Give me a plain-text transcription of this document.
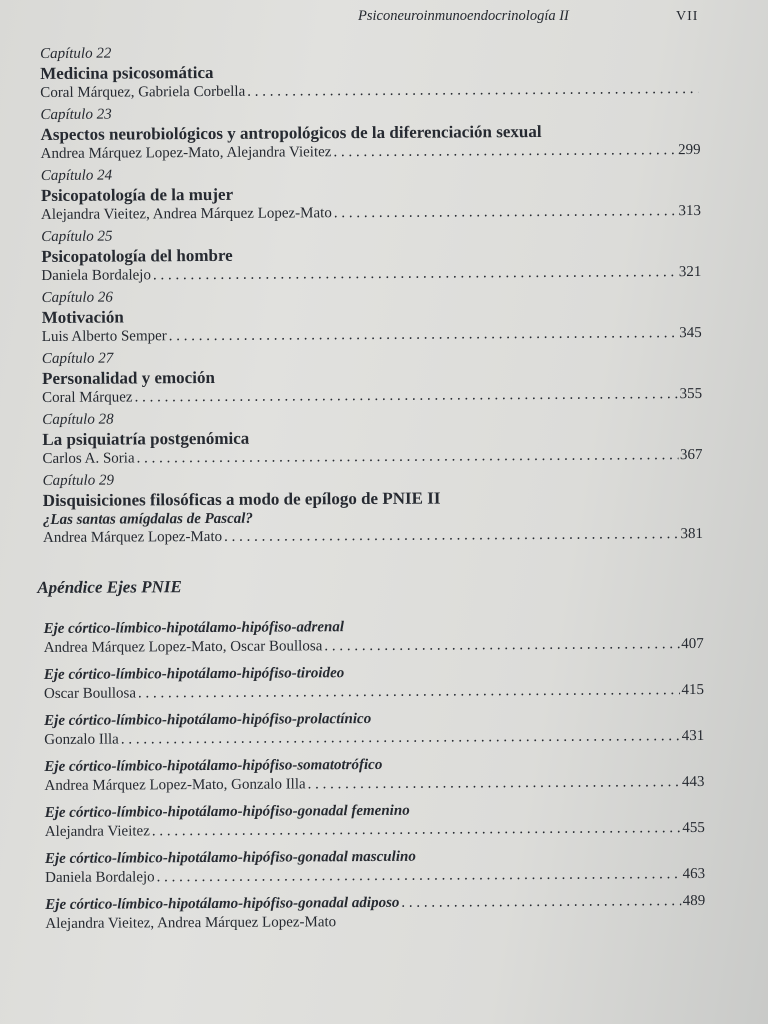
Psiconeuroinmunoendocrinología II	VII
Capítulo 22
Medicina psicosomática
Coral Márquez, Gabriela Corbella
. . .
Capítulo 23
Aspectos neurobiológicos y antropológicos de la diferenciación sexual
Andrea Márquez Lopez-Mato, Alejandra Vieitez . . .	299
Capítulo 24
Psicopatología de la mujer
Alejandra Vieitez, Andrea Márquez Lopez-Mato . . .	313
Capítulo 25
Psicopatología del hombre
Daniela Bordalejo . . .	321
Capítulo 26
Motivación
Luis Alberto Semper . . .	345
Capítulo 27
Personalidad y emoción
Coral Márquez . . .	355
Capítulo 28
La psiquiatría postgenómica
Carlos A. Soria . . .	367
Capítulo 29
Disquisiciones filosóficas a modo de epílogo de PNIE II
¿Las santas amígdalas de Pascal?
Andrea Márquez Lopez-Mato . . .	381
Apéndice Ejes PNIE
Eje córtico-límbico-hipotálamo-hipófiso-adrenal
Andrea Márquez Lopez-Mato, Oscar Boullosa . . .	407
Eje córtico-límbico-hipotálamo-hipófiso-tiroideo
Oscar Boullosa . . .	415
Eje córtico-límbico-hipotálamo-hipófiso-prolactínico
Gonzalo Illa . . .	431
Eje córtico-límbico-hipotálamo-hipófiso-somatotrófico
Andrea Márquez Lopez-Mato, Gonzalo Illa . . .	443
Eje córtico-límbico-hipotálamo-hipófiso-gonadal femenino
Alejandra Vieitez . . .	455
Eje córtico-límbico-hipotálamo-hipófiso-gonadal masculino
Daniela Bordalejo . . .	463
Eje córtico-límbico-hipotálamo-hipófiso-gonadal adiposo . . .	489
Alejandra Vieitez, Andrea Márquez Lopez-Mato
